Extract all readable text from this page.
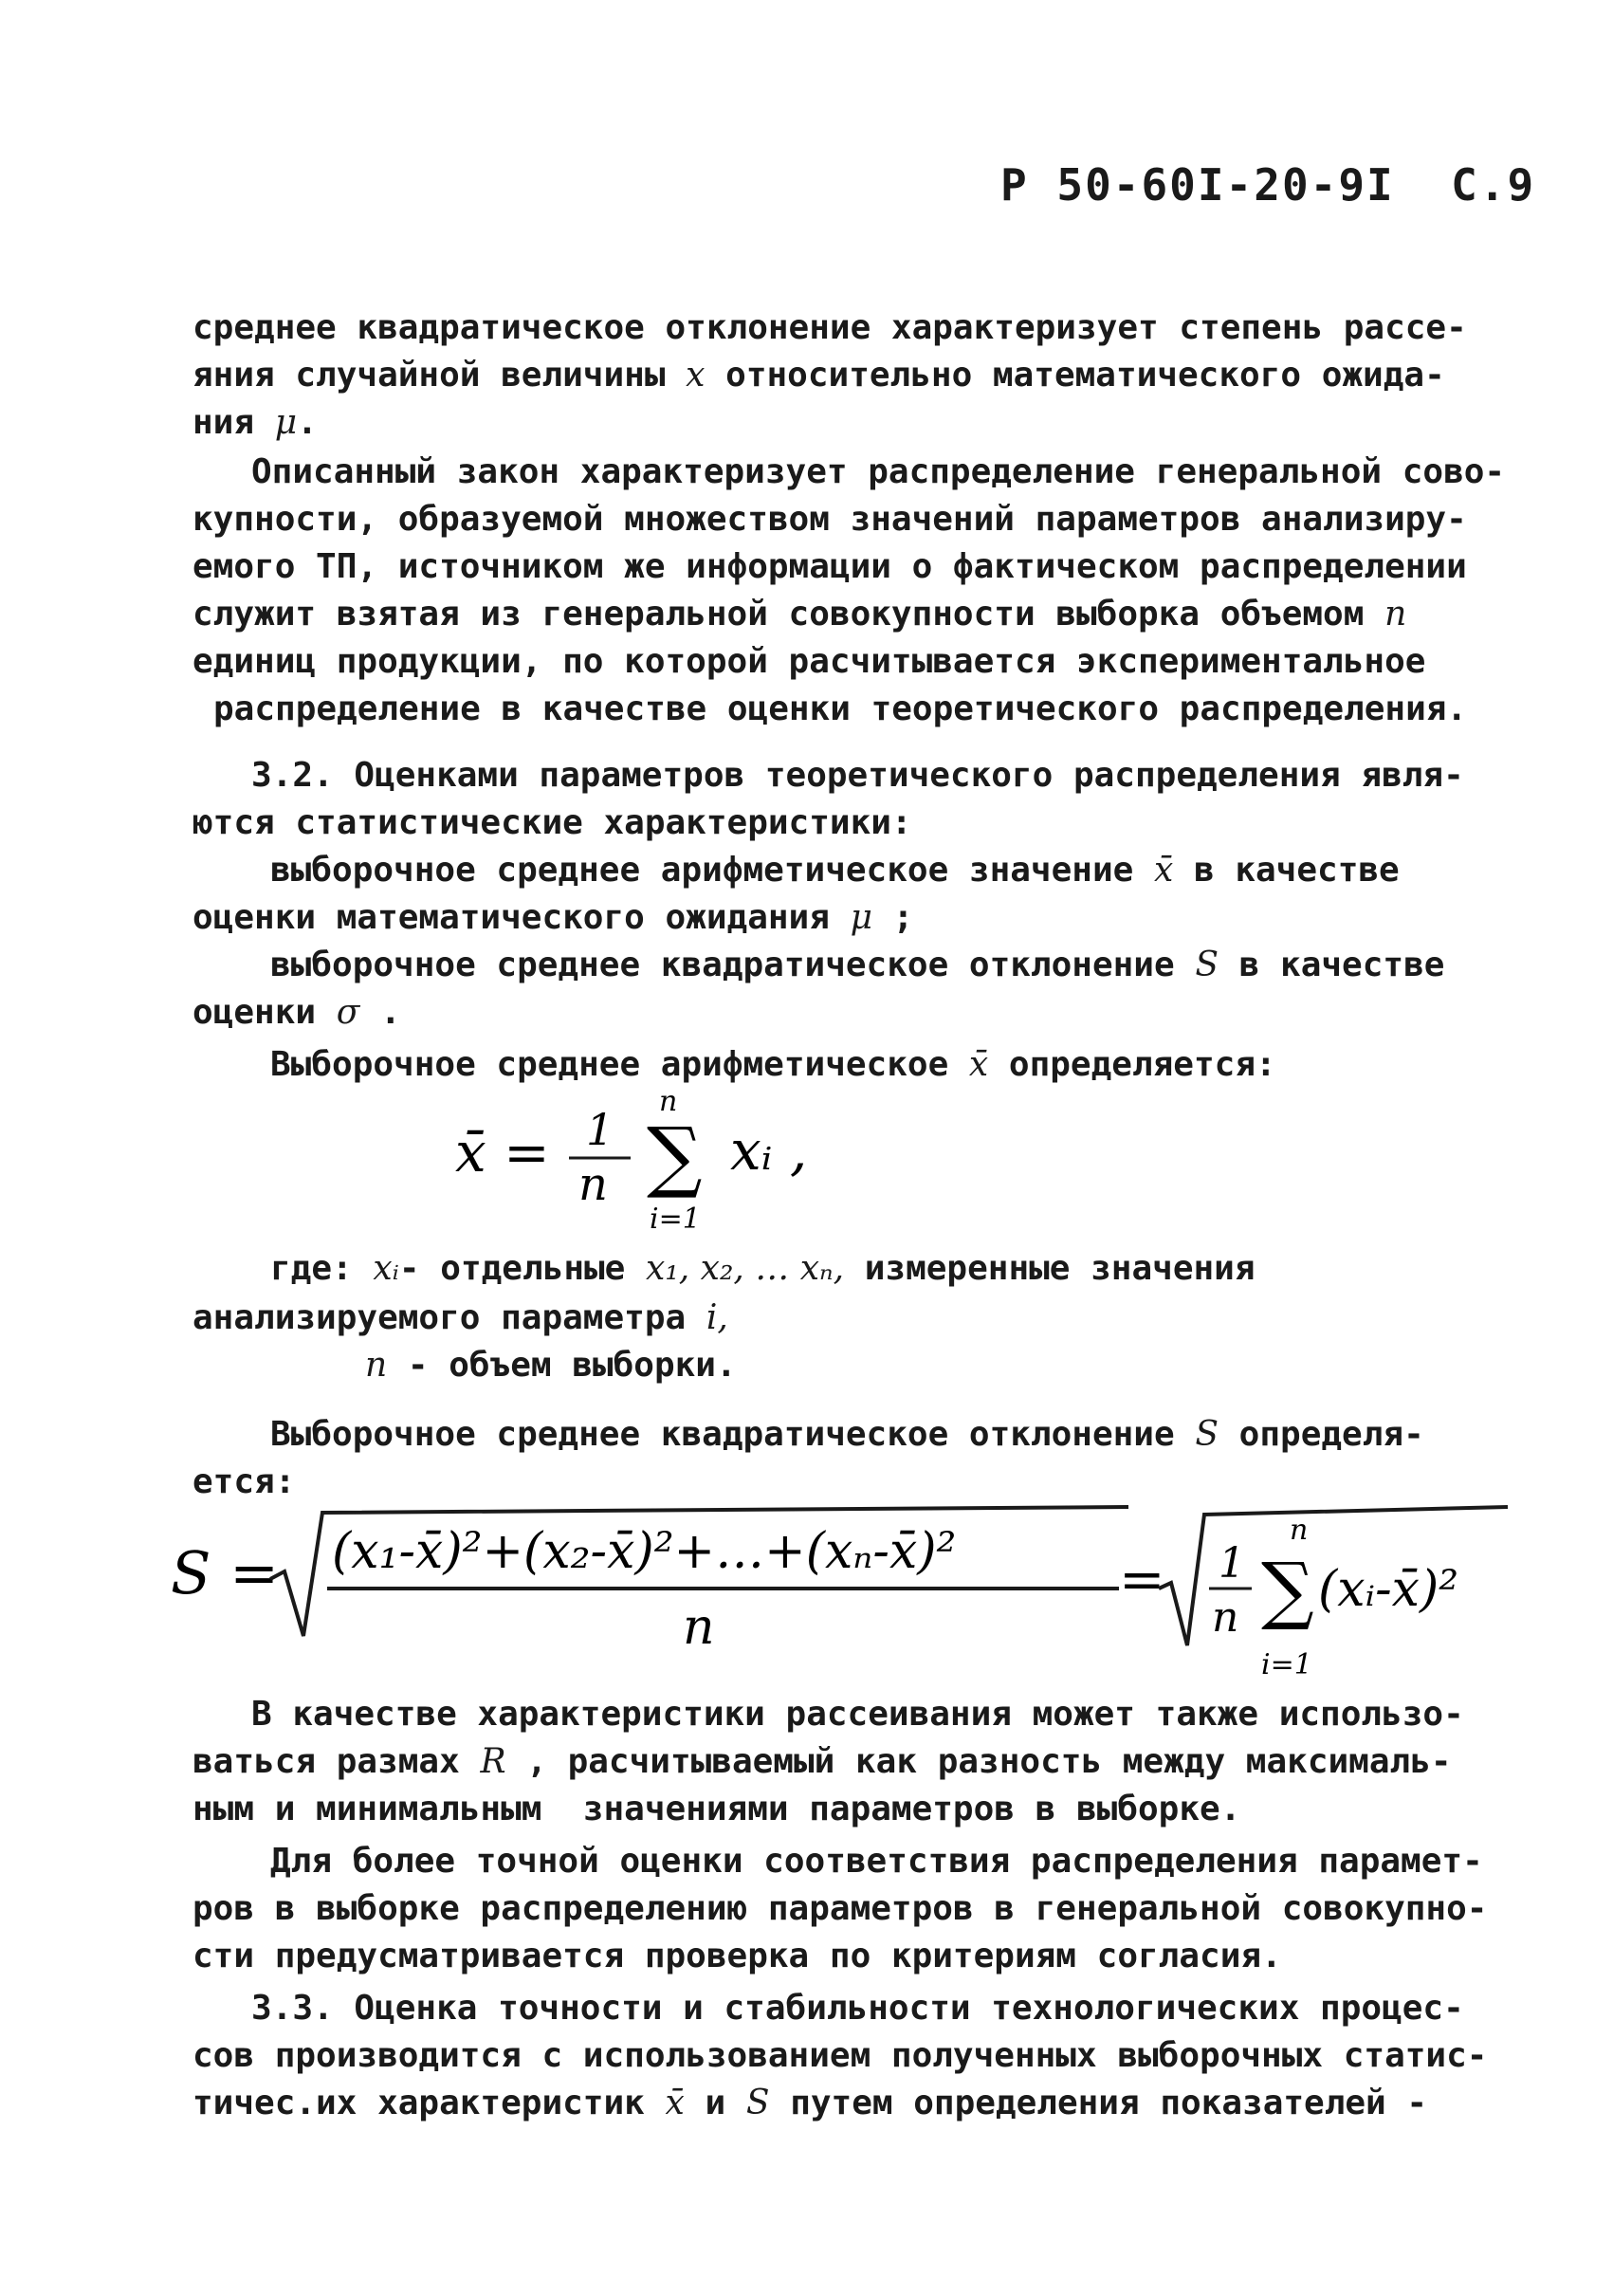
Р 50-60I-20-9I С.9
среднее квадратическое отклонение характеризует степень рассе-
яния случайной величины x относительно математического ожида-
ния μ.
Описанный закон характеризует распределение генеральной сово-
купности, образуемой множеством значений параметров анализиру-
емого ТП, источником же информации о фактическом распределении
служит взятая из генеральной совокупности выборка объемом n
единиц продукции, по которой расчитывается экспериментальное
распределение в качестве оценки теоретического распределения.
3.2. Оценками параметров теоретического распределения явля-
ются статистические характеристики:
выборочное среднее арифметическое значение x̄ в качестве
оценки математического ожидания μ ;
выборочное среднее квадратическое отклонение S в качестве
оценки σ .
Выборочное среднее арифметическое x̄ определяется:
x̄ = 1
n
n
∑
i=1
xᵢ ,
где: xᵢ- отдельные x₁, x₂, … xₙ, измеренные значения
анализируемого параметра i,
n - объем выборки.
Выборочное среднее квадратическое отклонение S определя-
ется:
S = (x₁-x̄)²+(x₂-x̄)²+…+(xₙ-x̄)²
n
= 1
n
n
∑
i=1
(xᵢ-x̄)²
В качестве характеристики рассеивания может также использо-
ваться размах R , расчитываемый как разность между максималь-
ным и минимальным  значениями параметров в выборке.
Для более точной оценки соответствия распределения парамет-
ров в выборке распределению параметров в генеральной совокупно-
сти предусматривается проверка по критериям согласия.
3.3. Оценка точности и стабильности технологических процес-
сов производится с использованием полученных выборочных статис-
тичес.их характеристик x̄ и S путем определения показателей -
